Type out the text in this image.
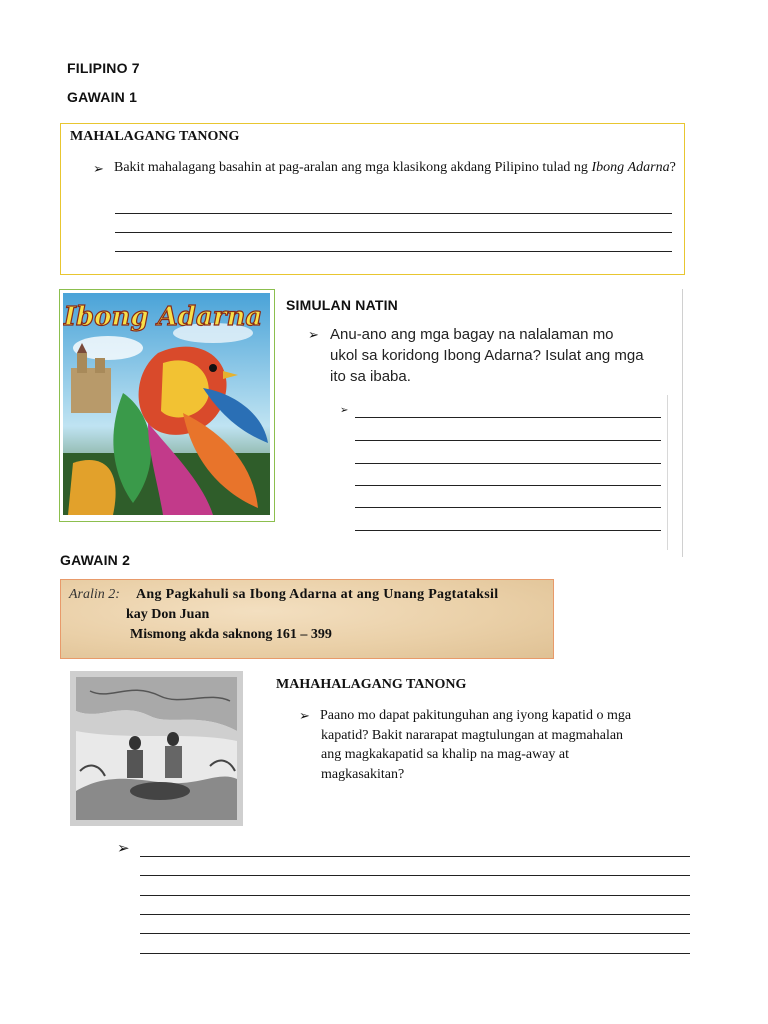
FILIPINO 7
GAWAIN 1
MAHALAGANG TANONG
➢ Bakit mahalagang basahin at pag-aralan ang mga klasikong akdang Pilipino tulad ng Ibong Adarna?
Ibong Adarna SIMULAN NATIN
➢ Anu-ano ang mga bagay na nalalaman mo
ukol sa koridong Ibong Adarna? Isulat ang mga
ito sa ibaba.
➢
GAWAIN 2
Aralin 2: Ang Pagkahuli sa Ibong Adarna at ang Unang Pagtataksil
kay Don Juan
Mismong akda saknong 161 – 399
MAHAHALAGANG TANONG
➢ Paano mo dapat pakitunguhan ang iyong kapatid o mga
kapatid? Bakit nararapat magtulungan at magmahalan
ang magkakapatid sa khalip na mag-away at
magkasakitan?
➢
